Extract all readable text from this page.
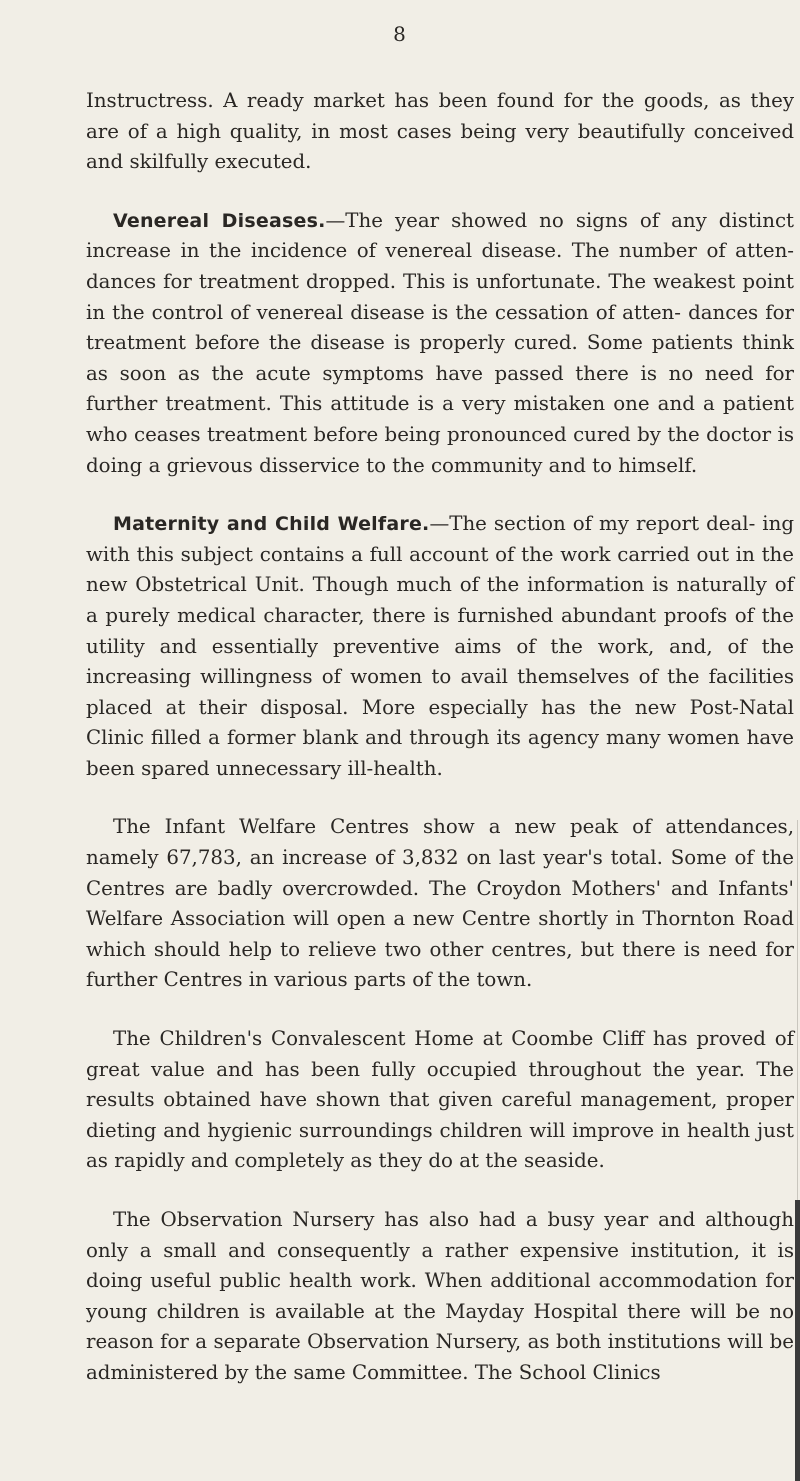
8

Instructress. A ready market has been found for the goods, as they are of a high quality, in most cases being very beautifully conceived and skilfully executed.

Venereal Diseases.—The year showed no signs of any distinct increase in the incidence of venereal disease. The number of atten- dances for treatment dropped. This is unfortunate. The weakest point in the control of venereal disease is the cessation of atten- dances for treatment before the disease is properly cured. Some patients think as soon as the acute symptoms have passed there is no need for further treatment. This attitude is a very mistaken one and a patient who ceases treatment before being pronounced cured by the doctor is doing a grievous disservice to the community and to himself.

Maternity and Child Welfare.—The section of my report deal- ing with this subject contains a full account of the work carried out in the new Obstetrical Unit. Though much of the information is naturally of a purely medical character, there is furnished abundant proofs of the utility and essentially preventive aims of the work, and, of the increasing willingness of women to avail themselves of the facilities placed at their disposal. More especially has the new Post-Natal Clinic filled a former blank and through its agency many women have been spared unnecessary ill-health.

The Infant Welfare Centres show a new peak of attendances, namely 67,783, an increase of 3,832 on last year's total. Some of the Centres are badly overcrowded. The Croydon Mothers' and Infants' Welfare Association will open a new Centre shortly in Thornton Road which should help to relieve two other centres, but there is need for further Centres in various parts of the town.

The Children's Convalescent Home at Coombe Cliff has proved of great value and has been fully occupied throughout the year. The results obtained have shown that given careful management, proper dieting and hygienic surroundings children will improve in health just as rapidly and completely as they do at the seaside.

The Observation Nursery has also had a busy year and although only a small and consequently a rather expensive institution, it is doing useful public health work. When additional accommodation for young children is available at the Mayday Hospital there will be no reason for a separate Observation Nursery, as both institutions will be administered by the same Committee. The School Clinics
